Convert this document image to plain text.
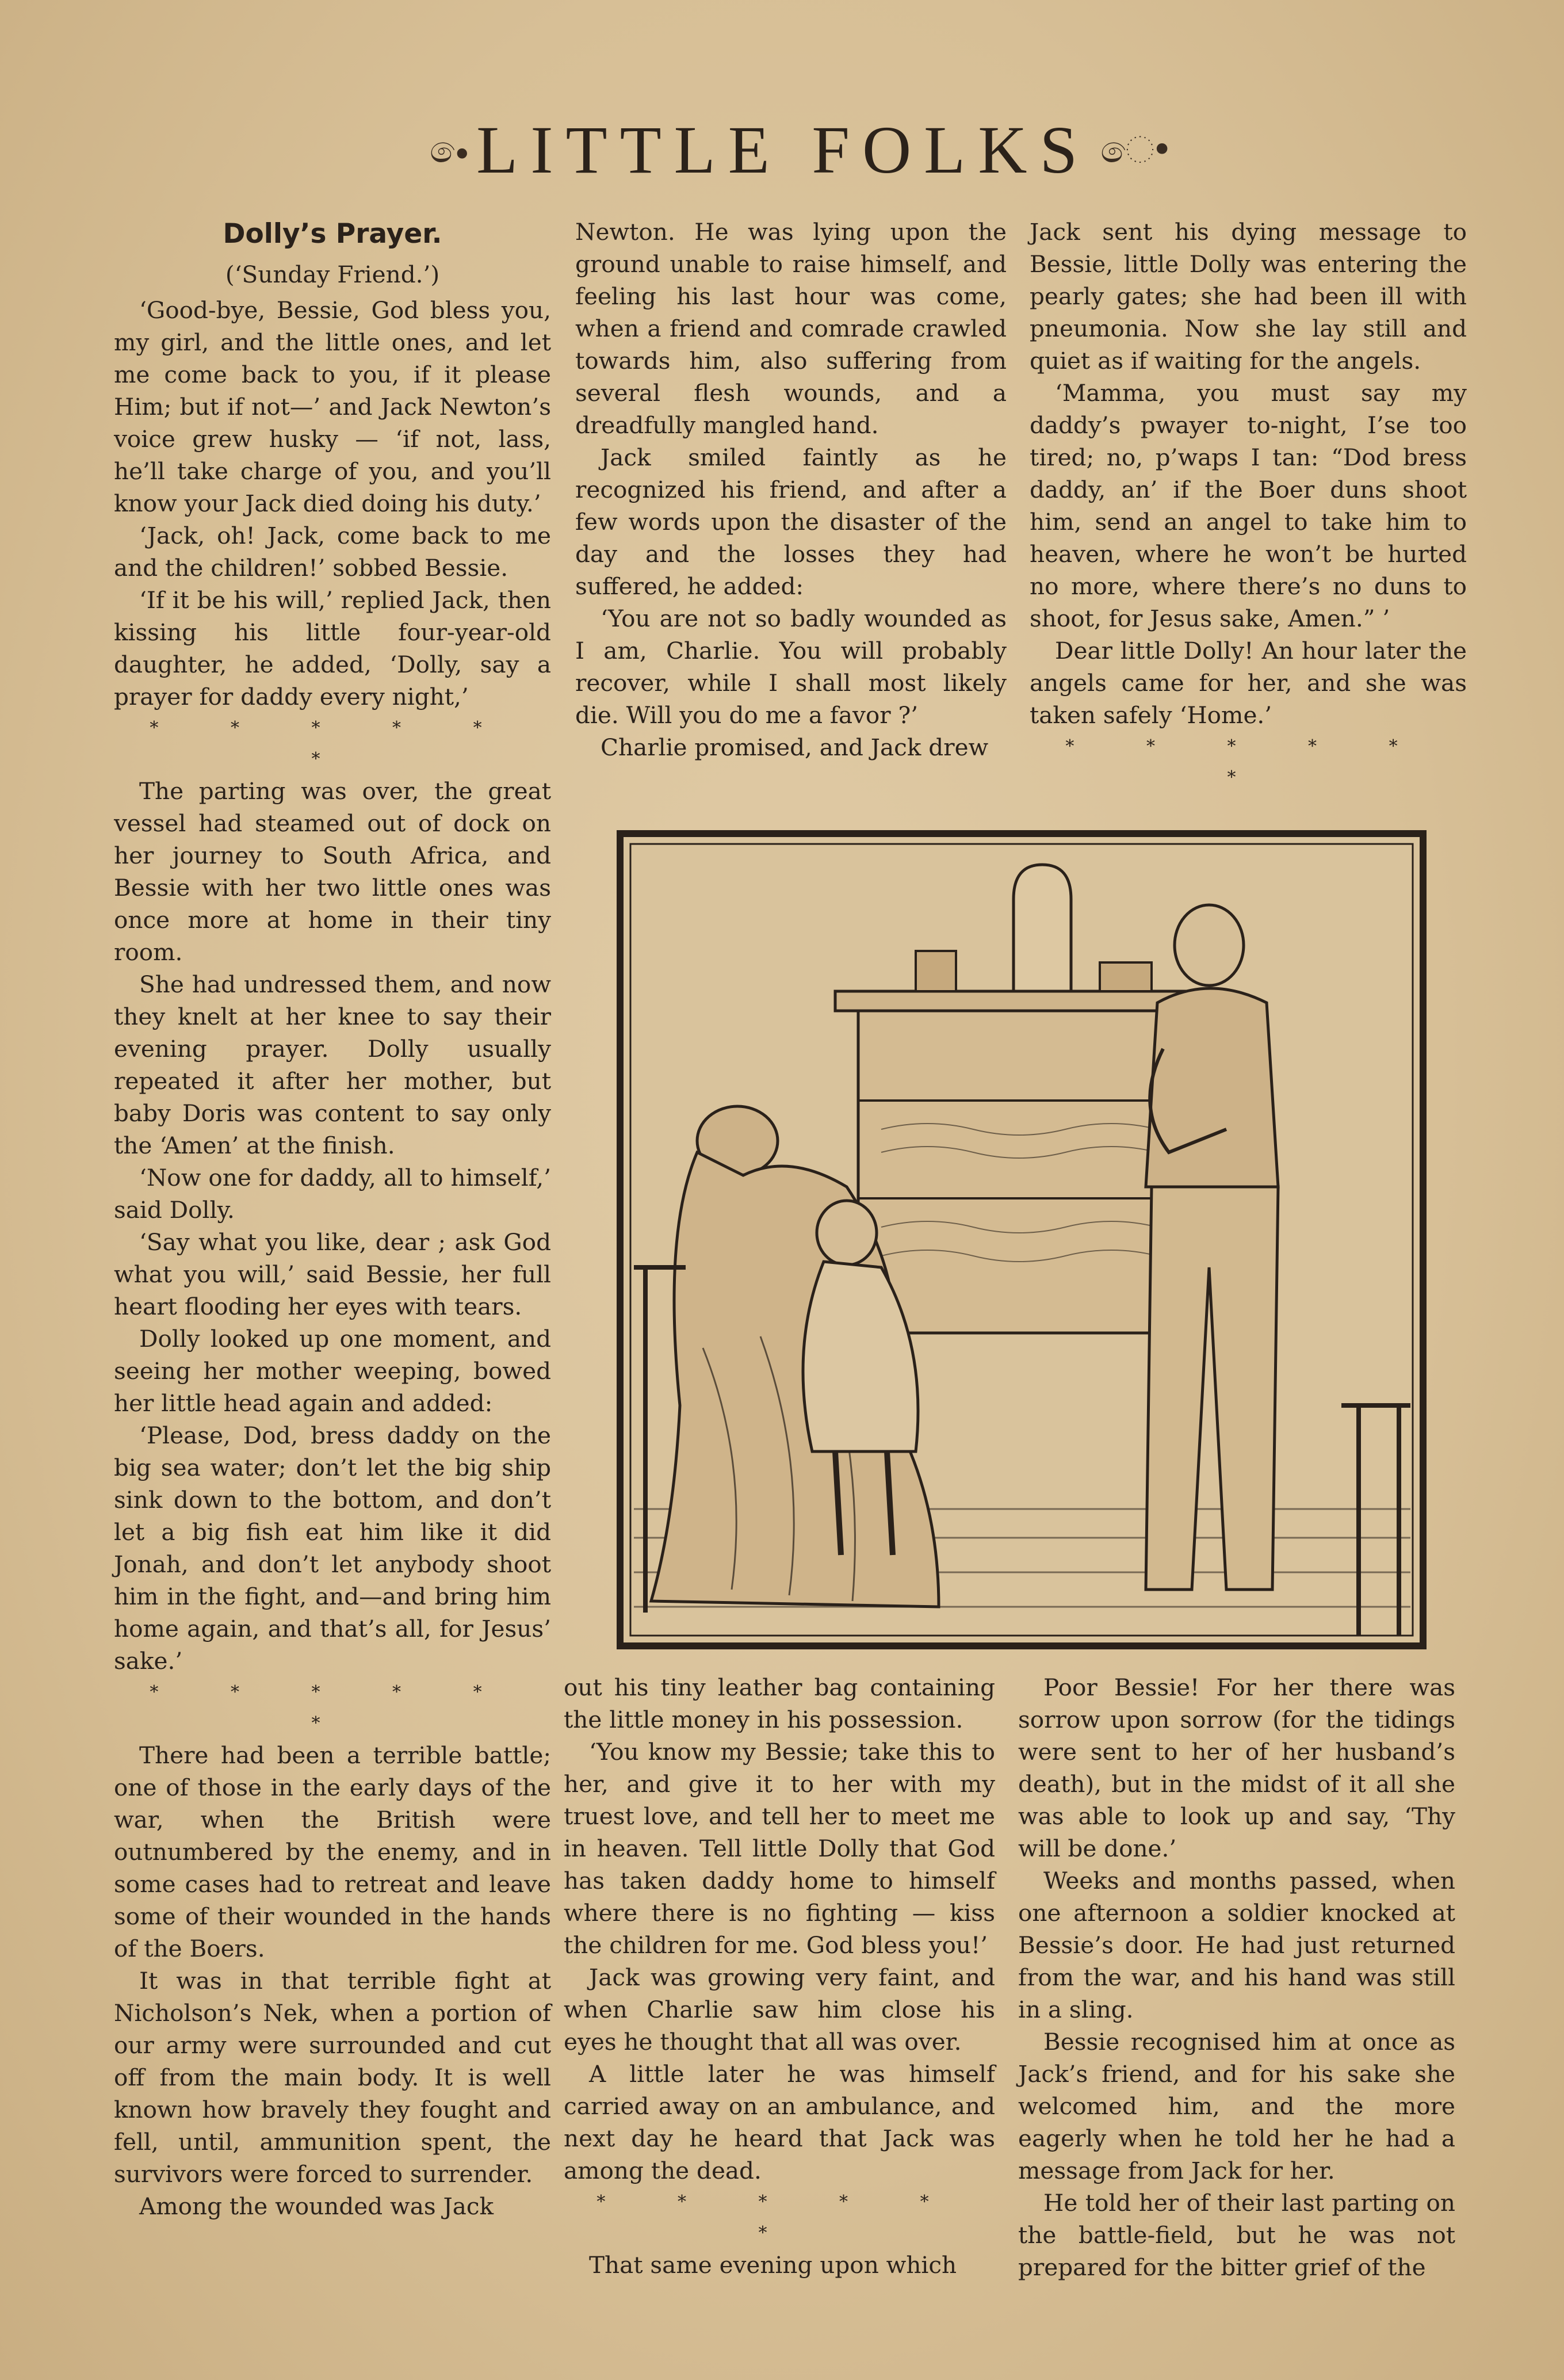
•ෙ LITTLE FOLKS ෙ•
Dolly’s Prayer.

(‘Sunday Friend.’)

‘Good-bye, Bessie, God bless you, my girl, and the little ones, and let me come back to you, if it please Him; but if not—’ and Jack Newton’s voice grew husky — ‘if not, lass, he’ll take charge of you, and you’ll know your Jack died doing his duty.’

‘Jack, oh! Jack, come back to me and the children!’ sobbed Bessie.

‘If it be his will,’ replied Jack, then kissing his little four-year-old daughter, he added, ‘Dolly, say a prayer for daddy every night,’

* * * * * *

The parting was over, the great vessel had steamed out of dock on her journey to South Africa, and Bessie with her two little ones was once more at home in their tiny room.

She had undressed them, and now they knelt at her knee to say their evening prayer. Dolly usually repeated it after her mother, but baby Doris was content to say only the ‘Amen’ at the finish.

‘Now one for daddy, all to himself,’ said Dolly.

‘Say what you like, dear ; ask God what you will,’ said Bessie, her full heart flooding her eyes with tears.

Dolly looked up one moment, and seeing her mother weeping, bowed her little head again and added:

‘Please, Dod, bress daddy on the big sea water; don’t let the big ship sink down to the bottom, and don’t let a big fish eat him like it did Jonah, and don’t let anybody shoot him in the fight, and—and bring him home again, and that’s all, for Jesus’ sake.’

* * * * * *

There had been a terrible battle; one of those in the early days of the war, when the British were outnumbered by the enemy, and in some cases had to retreat and leave some of their wounded in the hands of the Boers.

It was in that terrible fight at Nicholson’s Nek, when a portion of our army were surrounded and cut off from the main body. It is well known how bravely they fought and fell, until, ammunition spent, the survivors were forced to surrender.

Among the wounded was Jack

Newton. He was lying upon the ground unable to raise himself, and feeling his last hour was come, when a friend and comrade crawled towards him, also suffering from several flesh wounds, and a dreadfully mangled hand.

Jack smiled faintly as he recognized his friend, and after a few words upon the disaster of the day and the losses they had suffered, he added:

‘You are not so badly wounded as I am, Charlie. You will probably recover, while I shall most likely die. Will you do me a favor ?’

Charlie promised, and Jack drew

Jack sent his dying message to Bessie, little Dolly was entering the pearly gates; she had been ill with pneumonia. Now she lay still and quiet as if waiting for the angels.

‘Mamma, you must say my daddy’s pwayer to-night, I’se too tired; no, p’waps I tan: “Dod bress daddy, an’ if the Boer duns shoot him, send an angel to take him to heaven, where he won’t be hurted no more, where there’s no duns to shoot, for Jesus sake, Amen.” ’

Dear little Dolly! An hour later the angels came for her, and she was taken safely ‘Home.’

* * * * * *

out his tiny leather bag containing the little money in his possession.

‘You know my Bessie; take this to her, and give it to her with my truest love, and tell her to meet me in heaven. Tell little Dolly that God has taken daddy home to himself where there is no fighting — kiss the children for me. God bless you!’

Jack was growing very faint, and when Charlie saw him close his eyes he thought that all was over.

A little later he was himself carried away on an ambulance, and next day he heard that Jack was among the dead.

* * * * * *

That same evening upon which

Poor Bessie! For her there was sorrow upon sorrow (for the tidings were sent to her of her husband’s death), but in the midst of it all she was able to look up and say, ‘Thy will be done.’

Weeks and months passed, when one afternoon a soldier knocked at Bessie’s door. He had just returned from the war, and his hand was still in a sling.

Bessie recognised him at once as Jack’s friend, and for his sake she welcomed him, and the more eagerly when he told her he had a message from Jack for her.

He told her of their last parting on the battle-field, but he was not prepared for the bitter grief of the
